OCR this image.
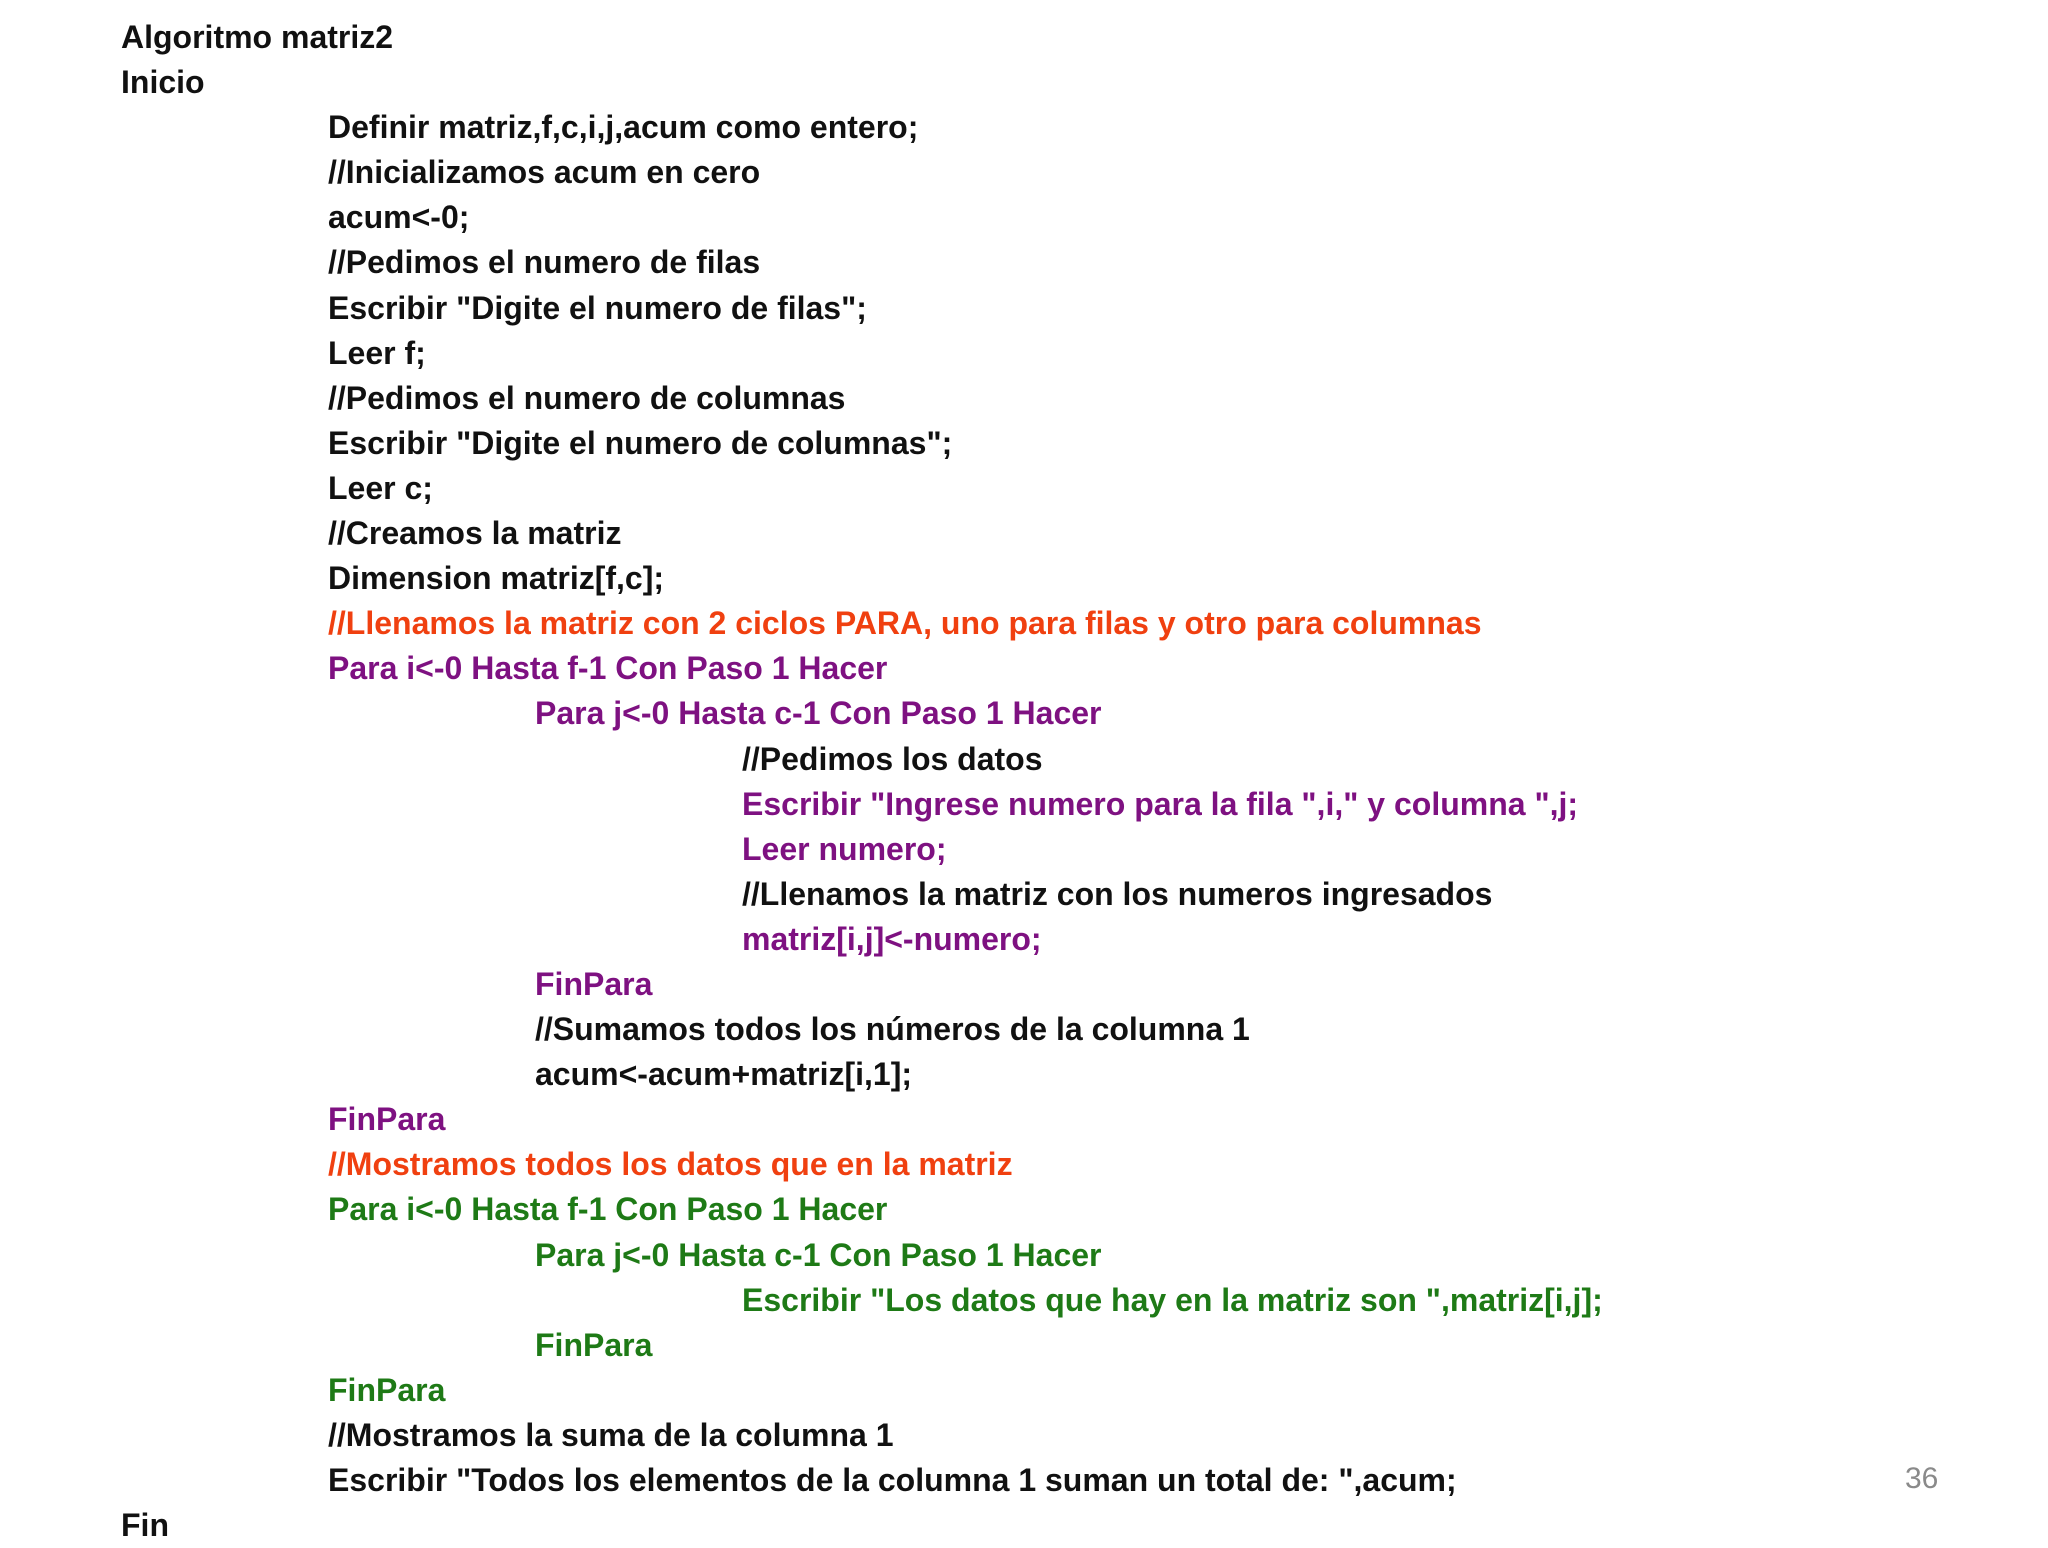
Algoritmo matriz2
Inicio
Definir matriz,f,c,i,j,acum como entero;
//Inicializamos acum en cero
acum<-0;
//Pedimos el numero de filas
Escribir "Digite el numero de filas";
Leer f;
//Pedimos el numero de columnas
Escribir "Digite el numero de columnas";
Leer c;
//Creamos la matriz
Dimension matriz[f,c];
//Llenamos la matriz con 2 ciclos PARA, uno para filas y otro para columnas
Para i<-0 Hasta f-1 Con Paso 1 Hacer
Para j<-0 Hasta c-1 Con Paso 1 Hacer
//Pedimos los datos
Escribir "Ingrese numero para la fila ",i," y columna ",j;
Leer numero;
//Llenamos la matriz con los numeros ingresados
matriz[i,j]<-numero;
FinPara
//Sumamos todos los números de la columna 1
acum<-acum+matriz[i,1];
FinPara
//Mostramos todos los datos que en la matriz
Para i<-0 Hasta f-1 Con Paso 1 Hacer
Para j<-0 Hasta c-1 Con Paso 1 Hacer
Escribir "Los datos que hay en la matriz son ",matriz[i,j];
FinPara
FinPara
//Mostramos la suma de la columna 1
Escribir "Todos los elementos de la columna 1 suman un total de: ",acum;
Fin
36
